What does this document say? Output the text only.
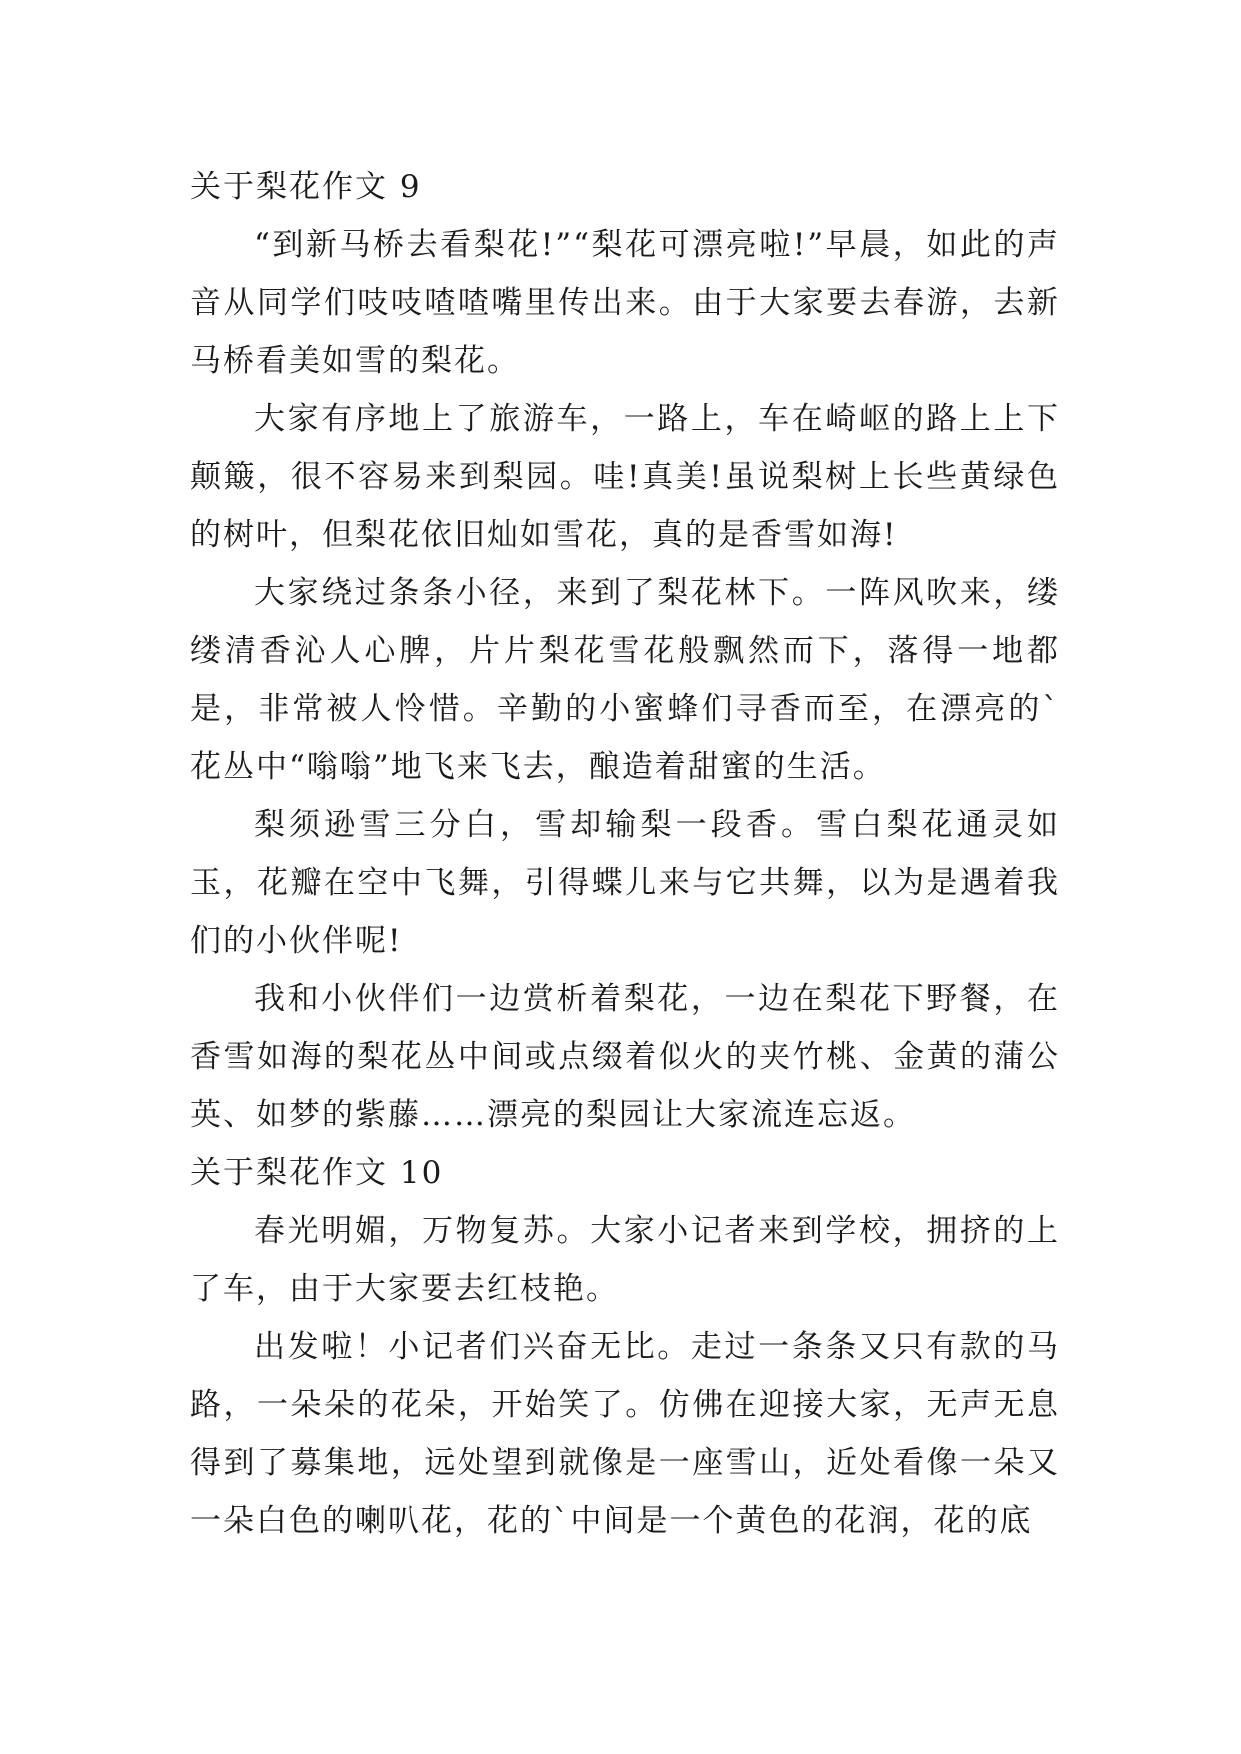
关于梨花作文 9

“到新马桥去看梨花!”“梨花可漂亮啦!”早晨，如此的声音从同学们吱吱喳喳嘴里传出来。由于大家要去春游，去新马桥看美如雪的梨花。

大家有序地上了旅游车，一路上，车在崎岖的路上上下颠簸，很不容易来到梨园。哇!真美!虽说梨树上长些黄绿色的树叶，但梨花依旧灿如雪花，真的是香雪如海!

大家绕过条条小径，来到了梨花林下。一阵风吹来，缕缕清香沁人心脾，片片梨花雪花般飘然而下，落得一地都是，非常被人怜惜。辛勤的小蜜蜂们寻香而至，在漂亮的`花丛中“嗡嗡”地飞来飞去，酿造着甜蜜的生活。

梨须逊雪三分白，雪却输梨一段香。雪白梨花通灵如玉，花瓣在空中飞舞，引得蝶儿来与它共舞，以为是遇着我们的小伙伴呢!

我和小伙伴们一边赏析着梨花，一边在梨花下野餐，在香雪如海的梨花丛中间或点缀着似火的夹竹桃、金黄的蒲公英、如梦的紫藤……漂亮的梨园让大家流连忘返。

关于梨花作文 10

春光明媚，万物复苏。大家小记者来到学校，拥挤的上了车，由于大家要去红枝艳。

出发啦！小记者们兴奋无比。走过一条条又只有款的马路，一朵朵的花朵，开始笑了。仿佛在迎接大家，无声无息得到了募集地，远处望到就像是一座雪山，近处看像一朵又一朵白色的喇叭花，花的`中间是一个黄色的花润，花的底
